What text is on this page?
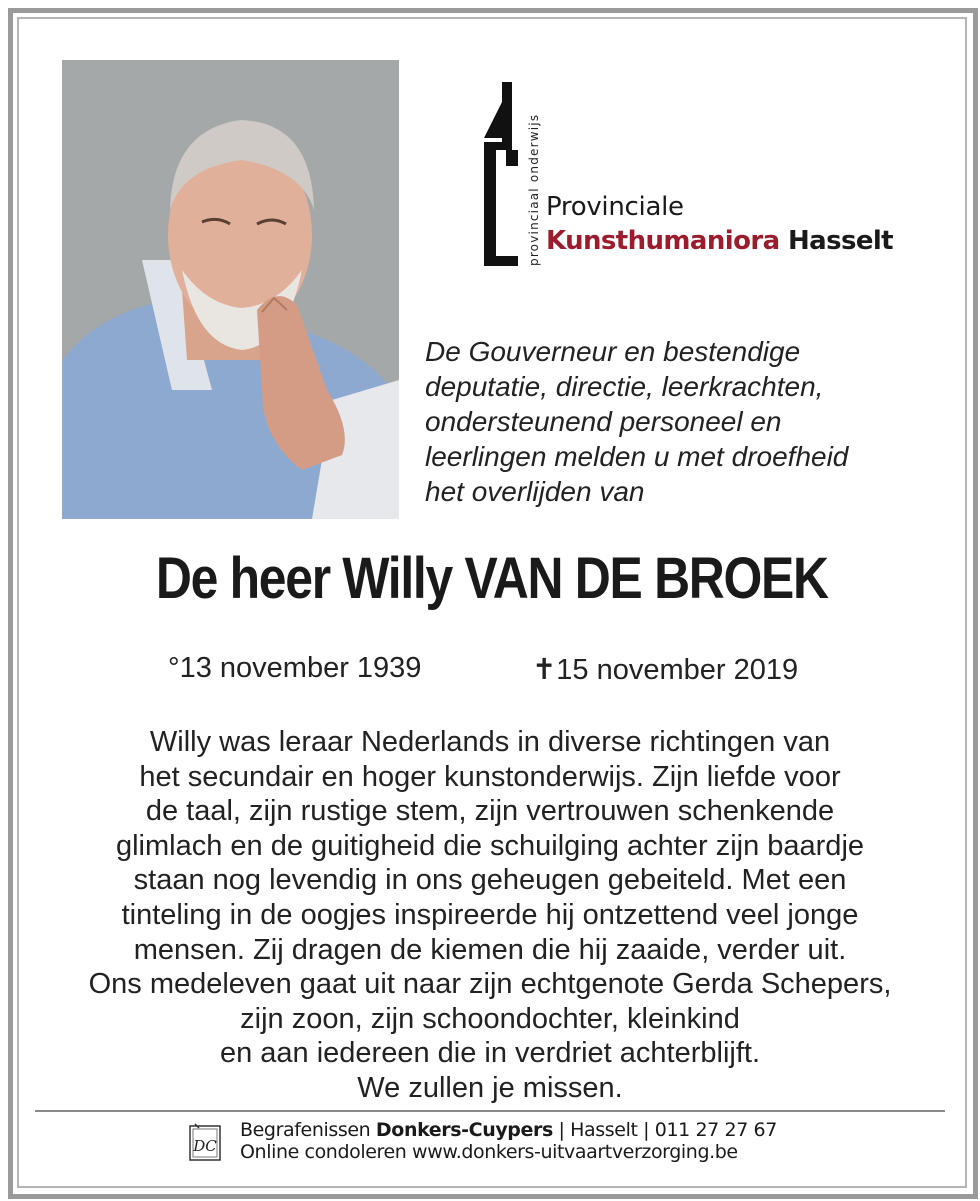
provinciaal onderwijs Provinciale
Kunsthumaniora Hasselt
De Gouverneur en bestendige
deputatie, directie, leerkrachten,
ondersteunend personeel en
leerlingen melden u met droefheid
het overlijden van
De heer Willy VAN DE BROEK
°13 november 1939	✝15 november 2019
Willy was leraar Nederlands in diverse richtingen van
het secundair en hoger kunstonderwijs. Zijn liefde voor
de taal, zijn rustige stem, zijn vertrouwen schenkende
glimlach en de guitigheid die schuilging achter zijn baardje
staan nog levendig in ons geheugen gebeiteld. Met een
tinteling in de oogjes inspireerde hij ontzettend veel jonge
mensen. Zij dragen de kiemen die hij zaaide, verder uit.
Ons medeleven gaat uit naar zijn echtgenote Gerda Schepers,
zijn zoon, zijn schoondochter, kleinkind
en aan iedereen die in verdriet achterblijft.
We zullen je missen.
DC
Begrafenissen Donkers-Cuypers | Hasselt | 011 27 27 67
Online condoleren www.donkers-uitvaartverzorging.be
